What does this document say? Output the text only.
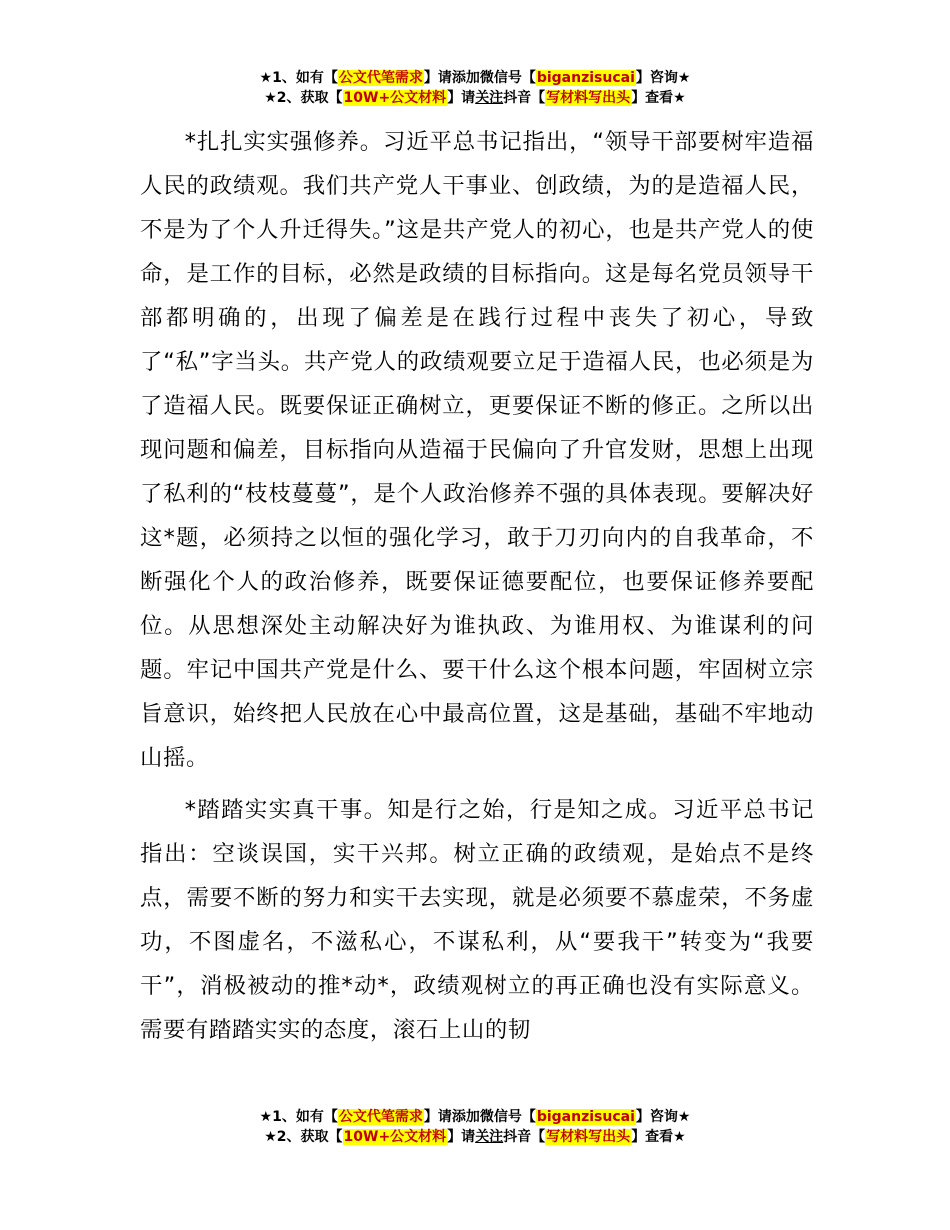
★1、如有【公文代笔需求】请添加微信号【biganzisucai】咨询★
★2、获取【10W+公文材料】请关注抖音【写材料写出头】查看★

*扎扎实实强修养。习近平总书记指出，“领导干部要树牢造福人民的政绩观。我们共产党人干事业、创政绩，为的是造福人民，不是为了个人升迁得失。”这是共产党人的初心，也是共产党人的使命，是工作的目标，必然是政绩的目标指向。这是每名党员领导干部都明确的，出现了偏差是在践行过程中丧失了初心，导致了“私”字当头。共产党人的政绩观要立足于造福人民，也必须是为了造福人民。既要保证正确树立，更要保证不断的修正。之所以出现问题和偏差，目标指向从造福于民偏向了升官发财，思想上出现了私利的“枝枝蔓蔓”，是个人政治修养不强的具体表现。要解决好这*题，必须持之以恒的强化学习，敢于刀刃向内的自我革命，不断强化个人的政治修养，既要保证德要配位，也要保证修养要配位。从思想深处主动解决好为谁执政、为谁用权、为谁谋利的问题。牢记中国共产党是什么、要干什么这个根本问题，牢固树立宗旨意识，始终把人民放在心中最高位置，这是基础，基础不牢地动山摇。

*踏踏实实真干事。知是行之始，行是知之成。习近平总书记指出：空谈误国，实干兴邦。树立正确的政绩观，是始点不是终点，需要不断的努力和实干去实现，就是必须要不慕虚荣，不务虚功，不图虚名，不滋私心，不谋私利，从“要我干”转变为“我要干”，消极被动的推*动*，政绩观树立的再正确也没有实际意义。需要有踏踏实实的态度，滚石上山的韧

★1、如有【公文代笔需求】请添加微信号【biganzisucai】咨询★
★2、获取【10W+公文材料】请关注抖音【写材料写出头】查看★
